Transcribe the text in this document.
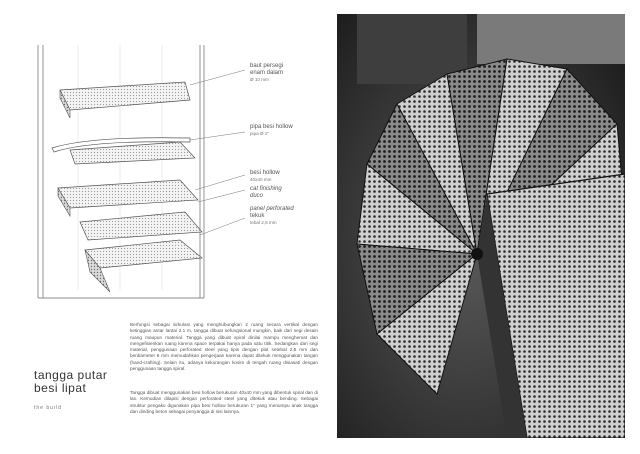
baut persegi
enam dalam
Ø 10 mm
pipa besi hollow
pipa Ø 1"
besi hollow
40x40 mm
cat finishing
duco
panel perforated
tekuk
tebal 2,5 mm
tangga putar
besi lipat
the build
Berfungsi sebagai sirkulasi yang menghubungkan 2 ruang secara vertikal dengan ketinggian antar lantai 2.1 m, tangga dibuat sefungsional mungkin, baik dari segi desain ruang maupun material. Tangga yang dibuat spiral dinilai mampu menghemat dan mengefisienkan ruang karena space terpakai hanya pada satu titik. Sedangkan dari segi material, penggunaan perforated steel yang tipis dengan plat setebal 2,5 mm dan berdiameter 8 mm memudahkan pengerjaan karena dapat ditekuk menggunakan tangan (hand-crafting). Selain itu, adanya kekurangan kosim di tengah ruang disiasati dengan penggunaan tangga spiral.
Tangga dibuat menggunakan besi hollow berukuran 40x40 mm yang dibentuk spiral dan di las. Kemudian dilapisi dengan perforated steel yang ditekuk atau bending. Sebagai struktur pengaku digunakan pipa besi hollow berukuran 1" yang menumpu anak tangga dan dinding beton sebagai penyangga di sisi lainnya.
